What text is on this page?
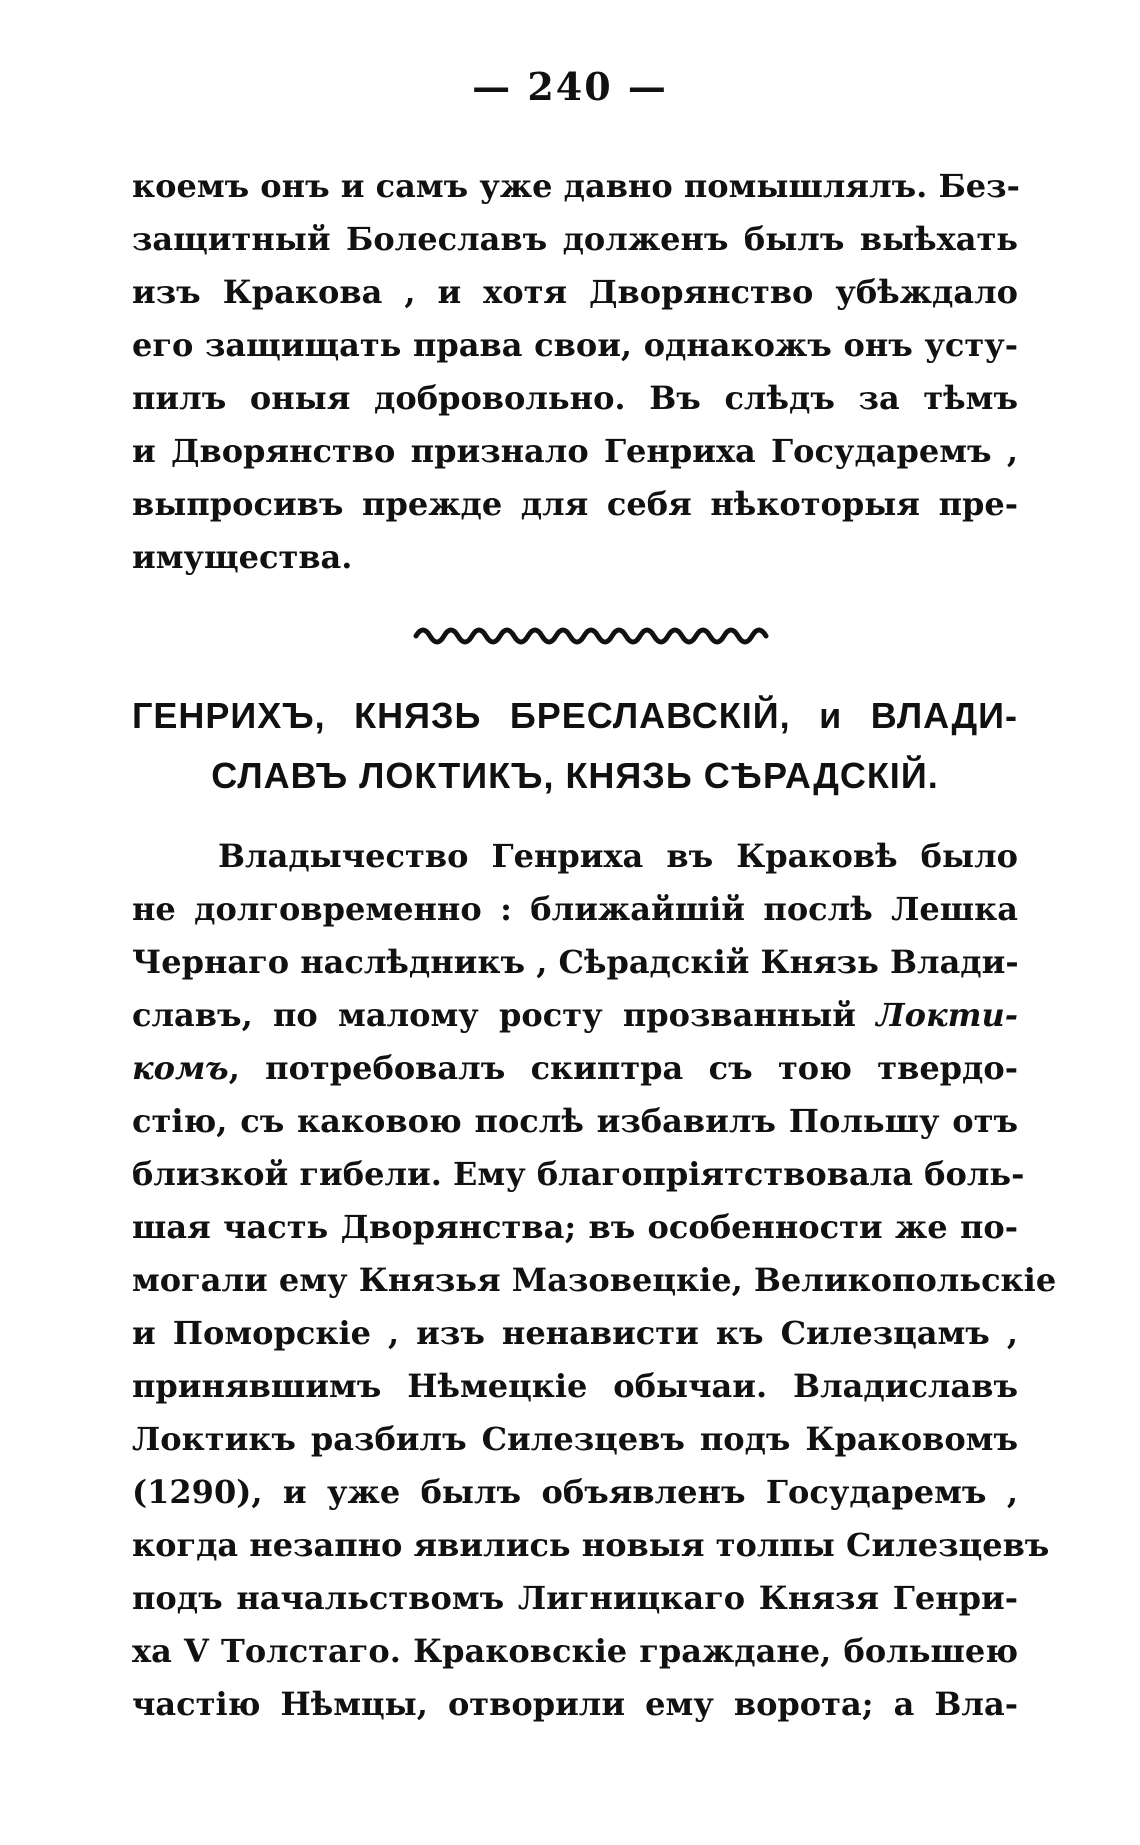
— 240 —
коемъ онъ и самъ уже давно помышлялъ. Без-
защитный Болеславъ долженъ былъ выѣхать
изъ Кракова , и хотя Дворянство убѣждало
его защищать права свои, однакожъ онъ усту-
пилъ оныя добровольно. Въ слѣдъ за тѣмъ
и Дворянство признало Генриха Государемъ ,
выпросивъ прежде для себя нѣкоторыя пре-
имущества.
ГЕНРИХЪ, КНЯЗЬ БРЕСЛАВСКІЙ, и ВЛАДИ-
СЛАВЪ ЛОКТИКЪ, КНЯЗЬ СѢРАДСКІЙ.
Владычество Генриха въ Краковѣ было
не долговременно : ближайшій послѣ Лешка
Чернаго наслѣдникъ , Сѣрадскій Князь Влади-
славъ, по малому росту прозванный Локти-
комъ, потребовалъ скиптра съ тою твердо-
стію, съ каковою послѣ избавилъ Польшу отъ
близкой гибели. Ему благопріятствовала боль-
шая часть Дворянства; въ особенности же по-
могали ему Князья Мазовецкіе, Великопольскіе
и Поморскіе , изъ ненависти къ Силезцамъ ,
принявшимъ Нѣмецкіе обычаи. Владиславъ
Локтикъ разбилъ Силезцевъ подъ Краковомъ
(1290), и уже былъ объявленъ Государемъ ,
когда незапно явились новыя толпы Силезцевъ
подъ начальствомъ Лигницкаго Князя Генри-
ха V Толстаго. Краковскіе граждане, большею
частію Нѣмцы, отворили ему ворота; а Вла-
